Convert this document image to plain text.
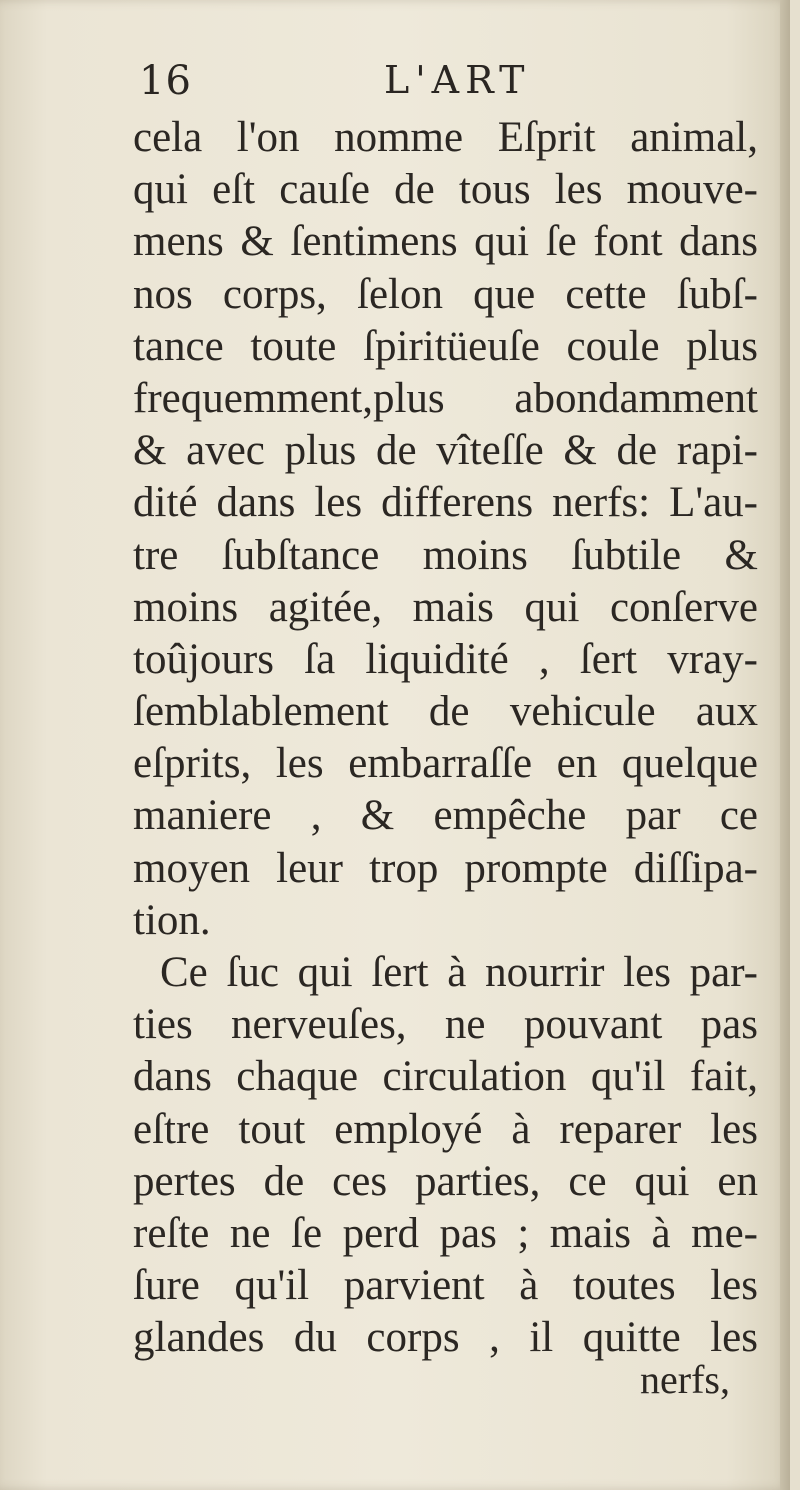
16	L'ART
cela l'on nomme Eſprit animal,
qui eſt cauſe de tous les mouve-
mens & ſentimens qui ſe font dans
nos corps, ſelon que cette ſubſ-
tance toute ſpiritüeuſe coule plus
frequemment,plus abondamment
& avec plus de vîteſſe & de rapi-
dité dans les differens nerfs: L'au-
tre ſubſtance moins ſubtile &
moins agitée, mais qui conſerve
toûjours ſa liquidité , ſert vray-
ſemblablement de vehicule aux
eſprits, les embarraſſe en quelque
maniere , & empêche par ce
moyen leur trop prompte diſſipa-
tion.
Ce ſuc qui ſert à nourrir les par-
ties nerveuſes, ne pouvant pas
dans chaque circulation qu'il fait,
eſtre tout employé à reparer les
pertes de ces parties, ce qui en
reſte ne ſe perd pas ; mais à me-
ſure qu'il parvient à toutes les
glandes du corps , il quitte les
nerfs,
